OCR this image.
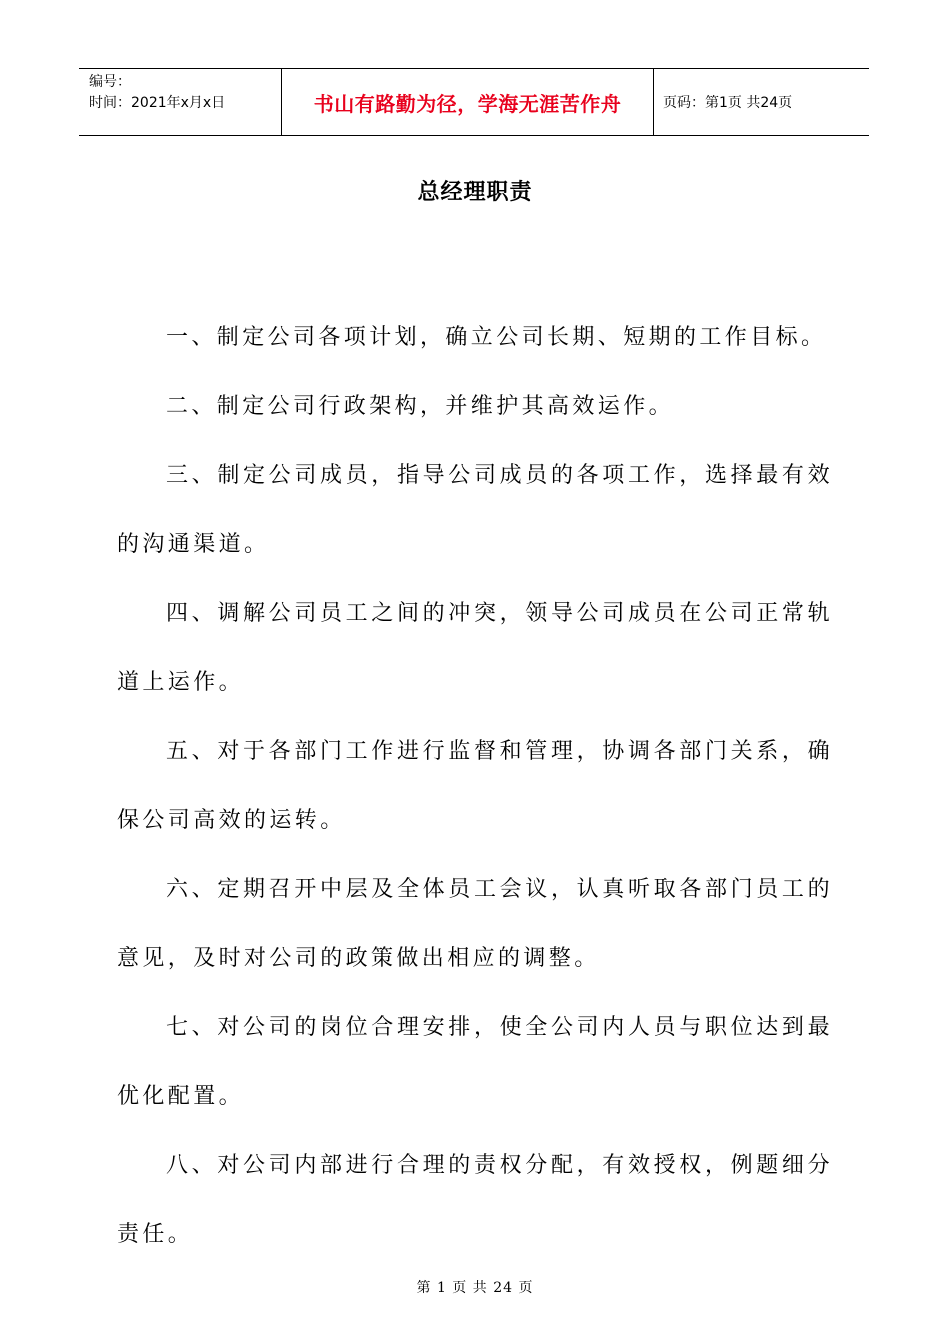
编号：
时间：2021年x月x日	书山有路勤为径，学海无涯苦作舟	页码：第1页 共24页
总经理职责

一、制定公司各项计划，确立公司长期、短期的工作目标。

二、制定公司行政架构，并维护其高效运作。

三、制定公司成员，指导公司成员的各项工作，选择最有效的沟通渠道。

四、调解公司员工之间的冲突，领导公司成员在公司正常轨道上运作。

五、对于各部门工作进行监督和管理，协调各部门关系，确保公司高效的运转。

六、定期召开中层及全体员工会议，认真听取各部门员工的意见，及时对公司的政策做出相应的调整。

七、对公司的岗位合理安排，使全公司内人员与职位达到最优化配置。

八、对公司内部进行合理的责权分配，有效授权，例题细分责任。

第 1 页 共 24 页
